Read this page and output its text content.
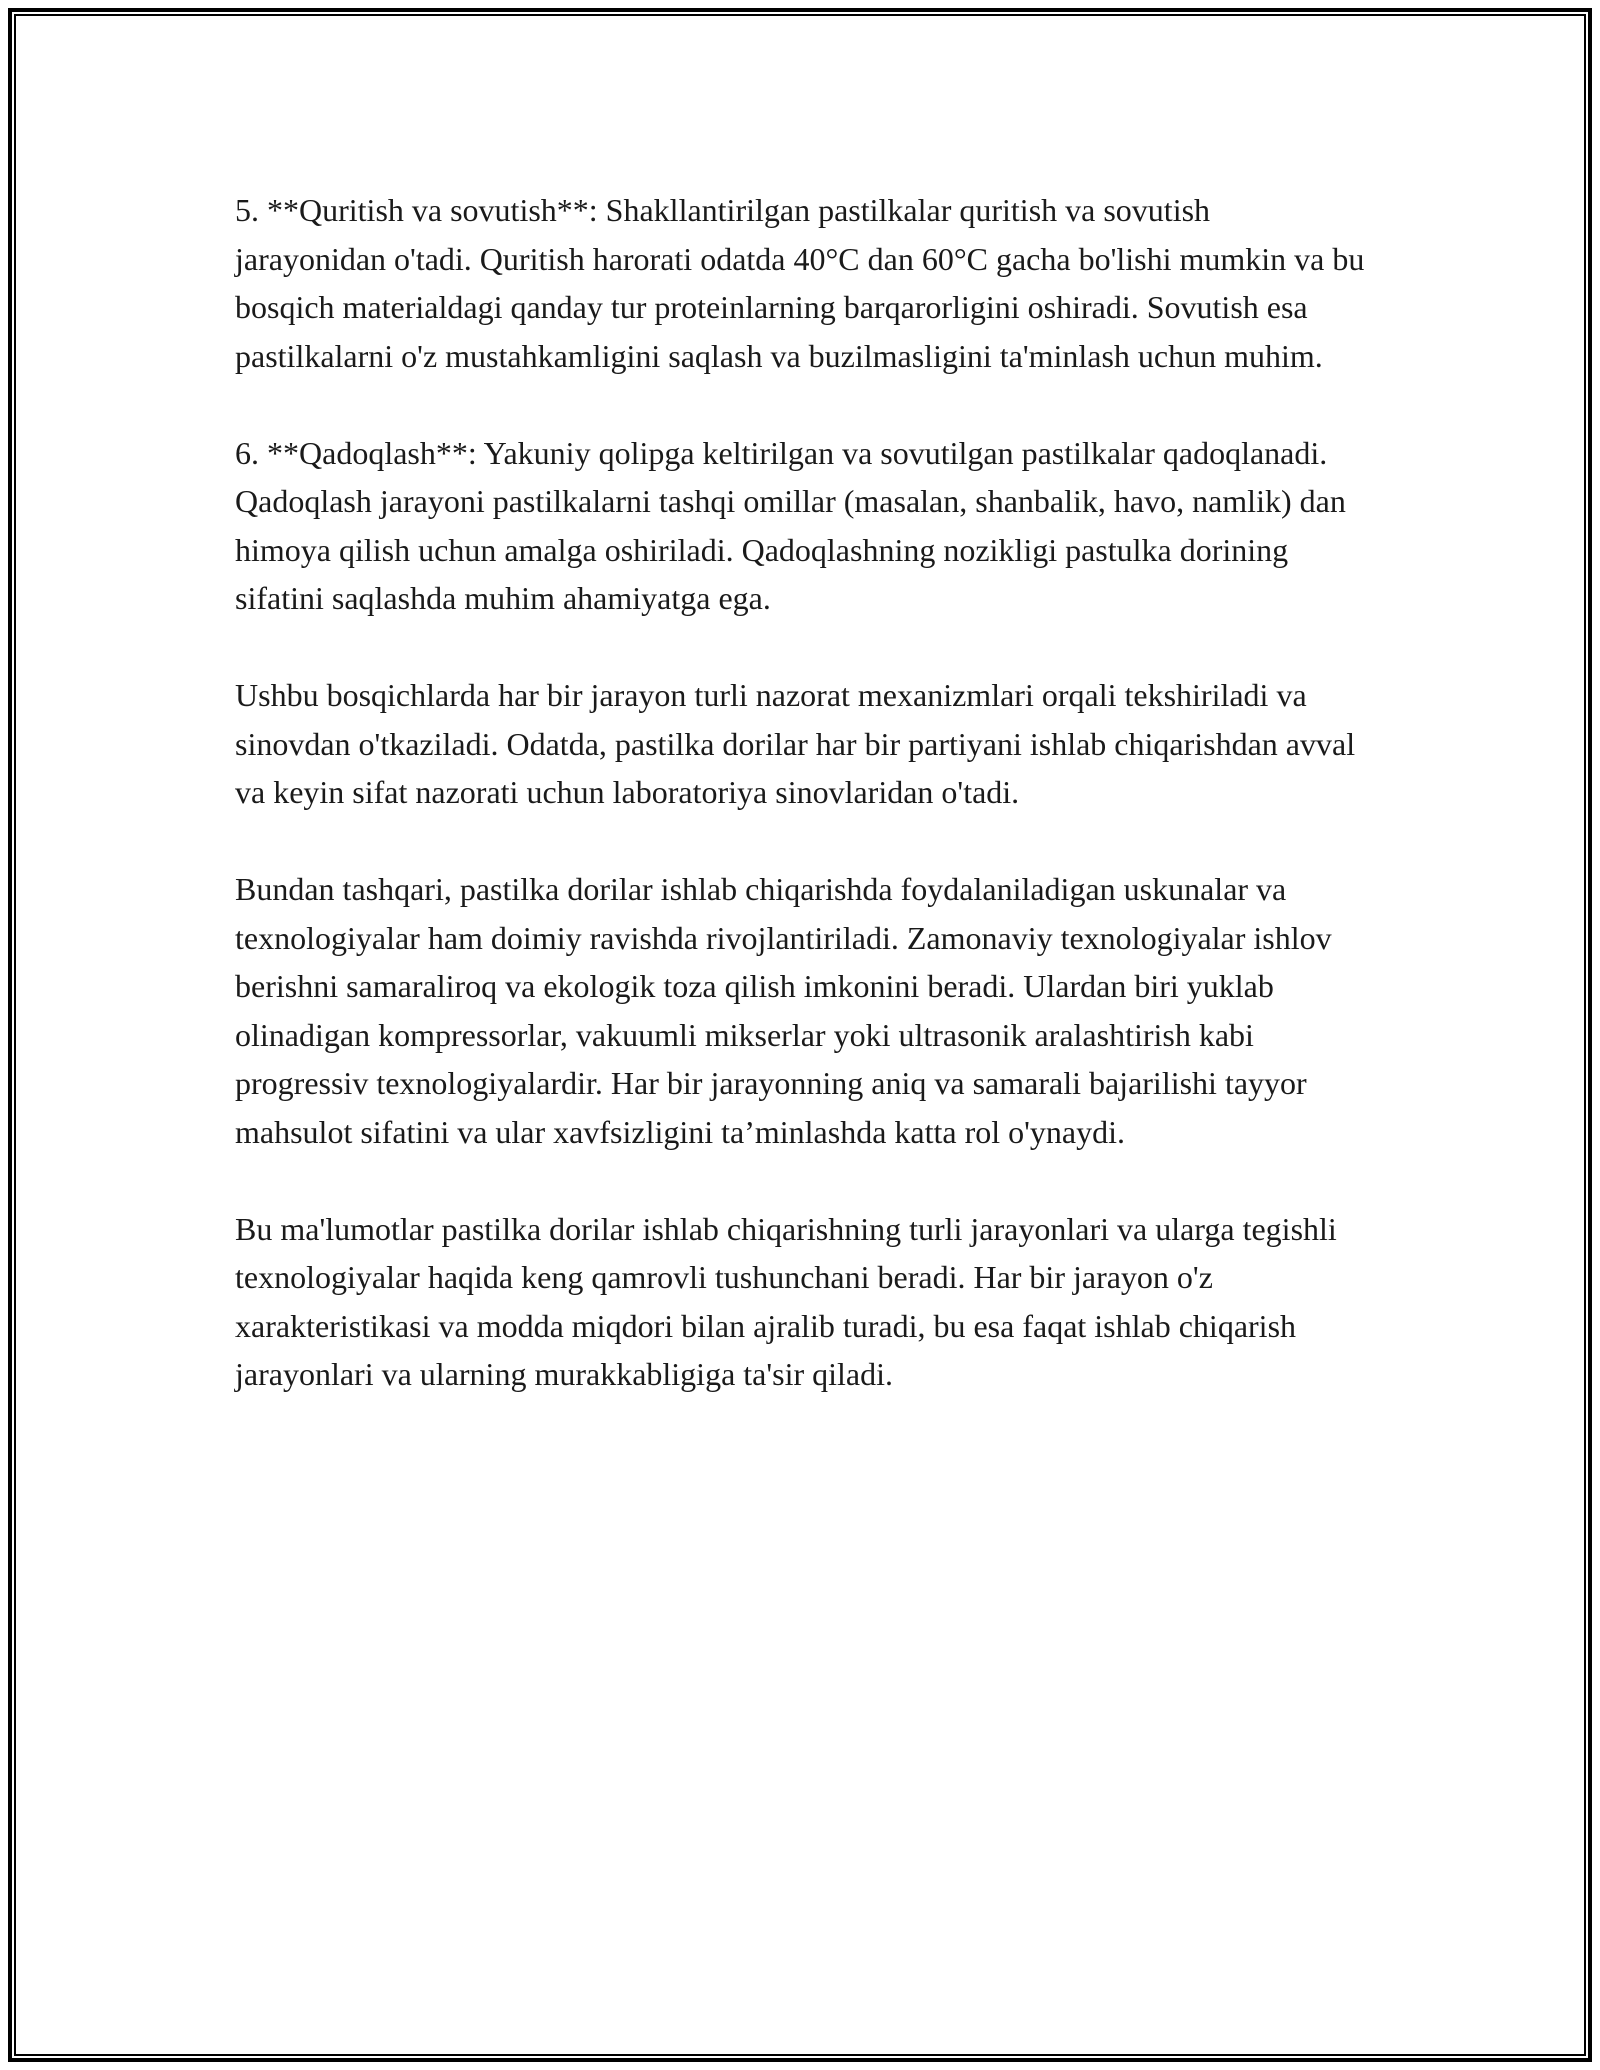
5. **Quritish va sovutish**: Shakllantirilgan pastilkalar quritish va sovutish jarayonidan o'tadi. Quritish harorati odatda 40°C dan 60°C gacha bo'lishi mumkin va bu bosqich materialdagi qanday tur proteinlarning barqarorligini oshiradi. Sovutish esa pastilkalarni o'z mustahkamligini saqlash va buzilmasligini ta'minlash uchun muhim.

6. **Qadoqlash**: Yakuniy qolipga keltirilgan va sovutilgan pastilkalar qadoqlanadi. Qadoqlash jarayoni pastilkalarni tashqi omillar (masalan, shanbalik, havo, namlik) dan himoya qilish uchun amalga oshiriladi. Qadoqlashning nozikligi pastulka dorining sifatini saqlashda muhim ahamiyatga ega.

Ushbu bosqichlarda har bir jarayon turli nazorat mexanizmlari orqali tekshiriladi va sinovdan o'tkaziladi. Odatda, pastilka dorilar har bir partiyani ishlab chiqarishdan avval va keyin sifat nazorati uchun laboratoriya sinovlaridan o'tadi.

Bundan tashqari, pastilka dorilar ishlab chiqarishda foydalaniladigan uskunalar va texnologiyalar ham doimiy ravishda rivojlantiriladi. Zamonaviy texnologiyalar ishlov berishni samaraliroq va ekologik toza qilish imkonini beradi. Ulardan biri yuklab olinadigan kompressorlar, vakuumli mikserlar yoki ultrasonik aralashtirish kabi progressiv texnologiyalardir. Har bir jarayonning aniq va samarali bajarilishi tayyor mahsulot sifatini va ular xavfsizligini ta’minlashda katta rol o'ynaydi.

Bu ma'lumotlar pastilka dorilar ishlab chiqarishning turli jarayonlari va ularga tegishli texnologiyalar haqida keng qamrovli tushunchani beradi. Har bir jarayon o'z xarakteristikasi va modda miqdori bilan ajralib turadi, bu esa faqat ishlab chiqarish jarayonlari va ularning murakkabligiga ta'sir qiladi.
